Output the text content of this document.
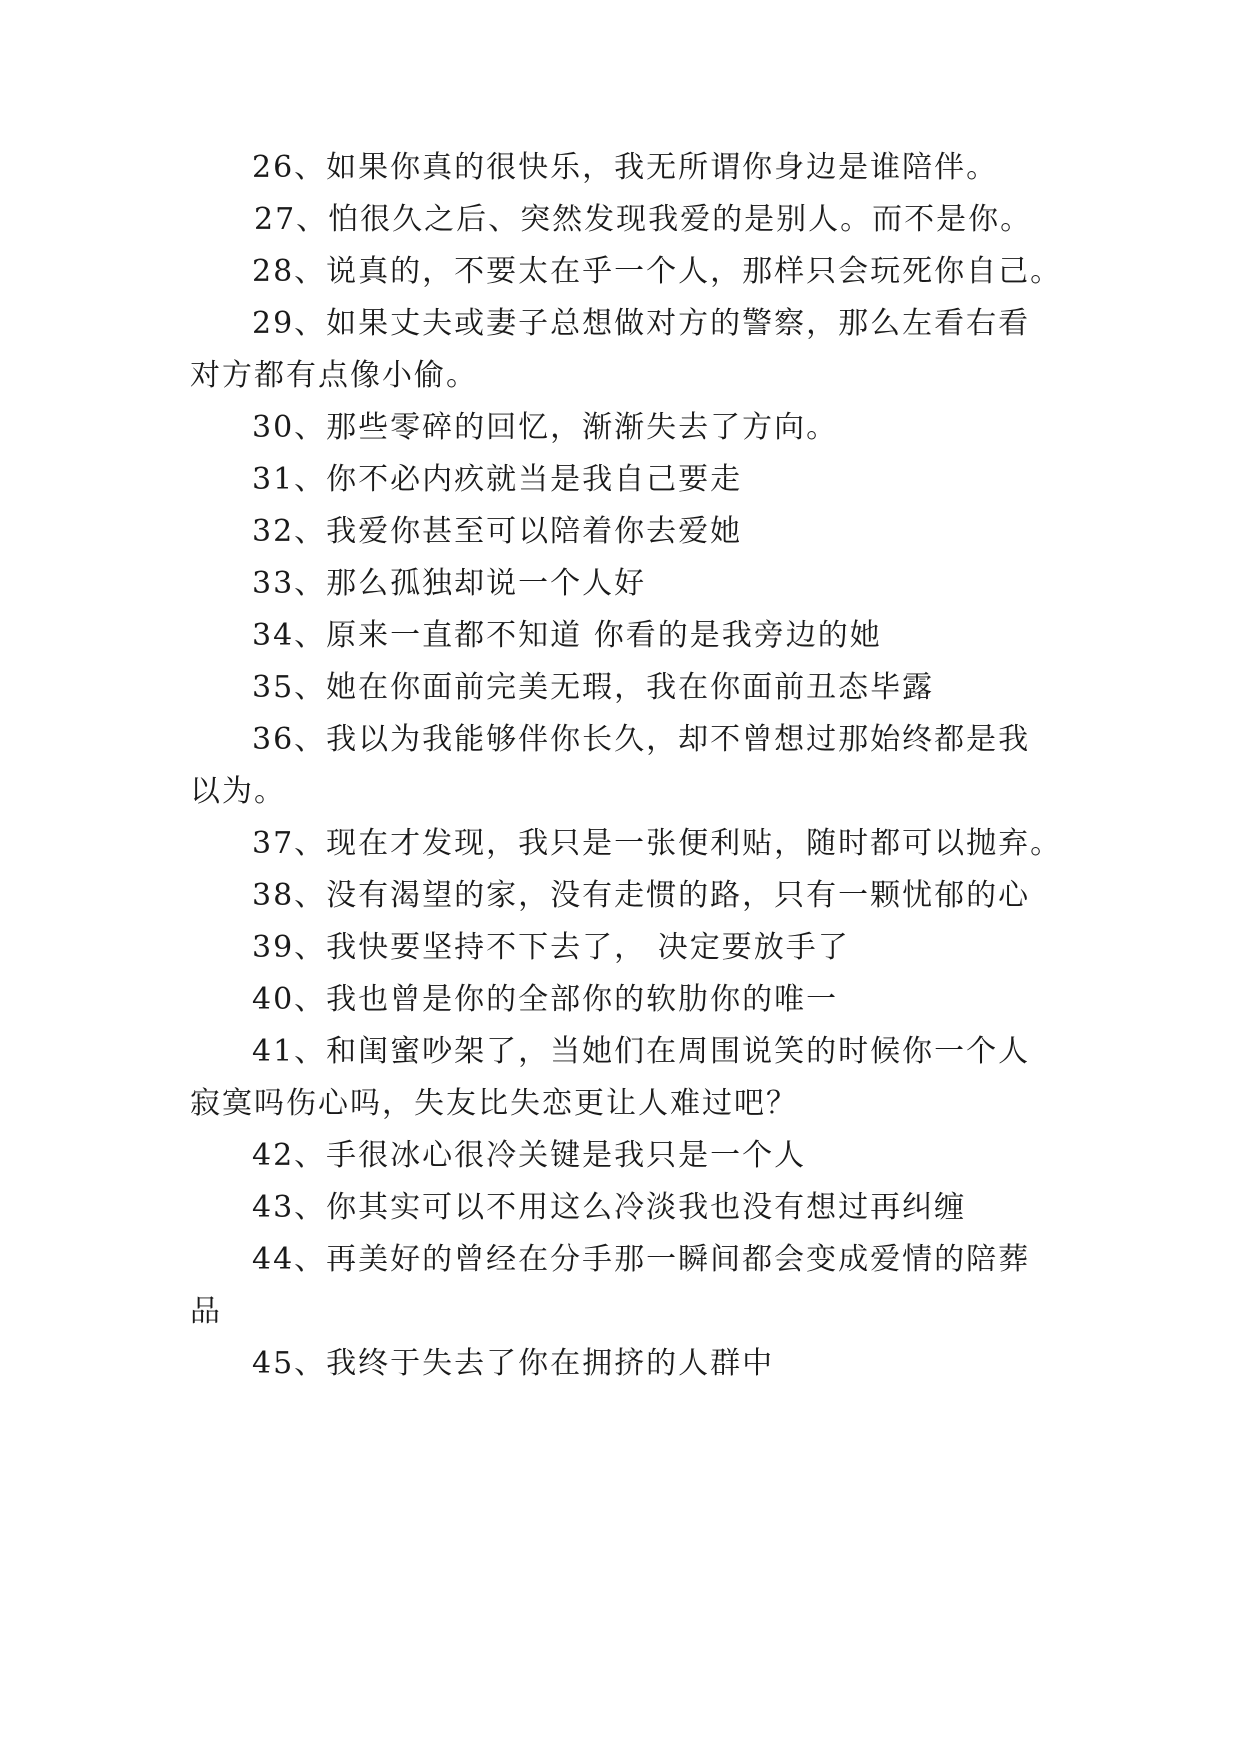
26、如果你真的很快乐，我无所谓你身边是谁陪伴。
27、怕很久之后、突然发现我爱的是别人。而不是你。
28、说真的，不要太在乎一个人，那样只会玩死你自己。
29、如果丈夫或妻子总想做对方的警察，那么左看右看
对方都有点像小偷。
30、那些零碎的回忆，渐渐失去了方向。
31、你不必内疚就当是我自己要走
32、我爱你甚至可以陪着你去爱她
33、那么孤独却说一个人好
34、原来一直都不知道 你看的是我旁边的她
35、她在你面前完美无瑕，我在你面前丑态毕露
36、我以为我能够伴你长久，却不曾想过那始终都是我
以为。
37、现在才发现，我只是一张便利贴，随时都可以抛弃。
38、没有渴望的家，没有走惯的路，只有一颗忧郁的心
39、我快要坚持不下去了， 决定要放手了
40、我也曾是你的全部你的软肋你的唯一
41、和闺蜜吵架了，当她们在周围说笑的时候你一个人
寂寞吗伤心吗，失友比失恋更让人难过吧？
42、手很冰心很冷关键是我只是一个人
43、你其实可以不用这么冷淡我也没有想过再纠缠
44、再美好的曾经在分手那一瞬间都会变成爱情的陪葬
品
45、我终于失去了你在拥挤的人群中
